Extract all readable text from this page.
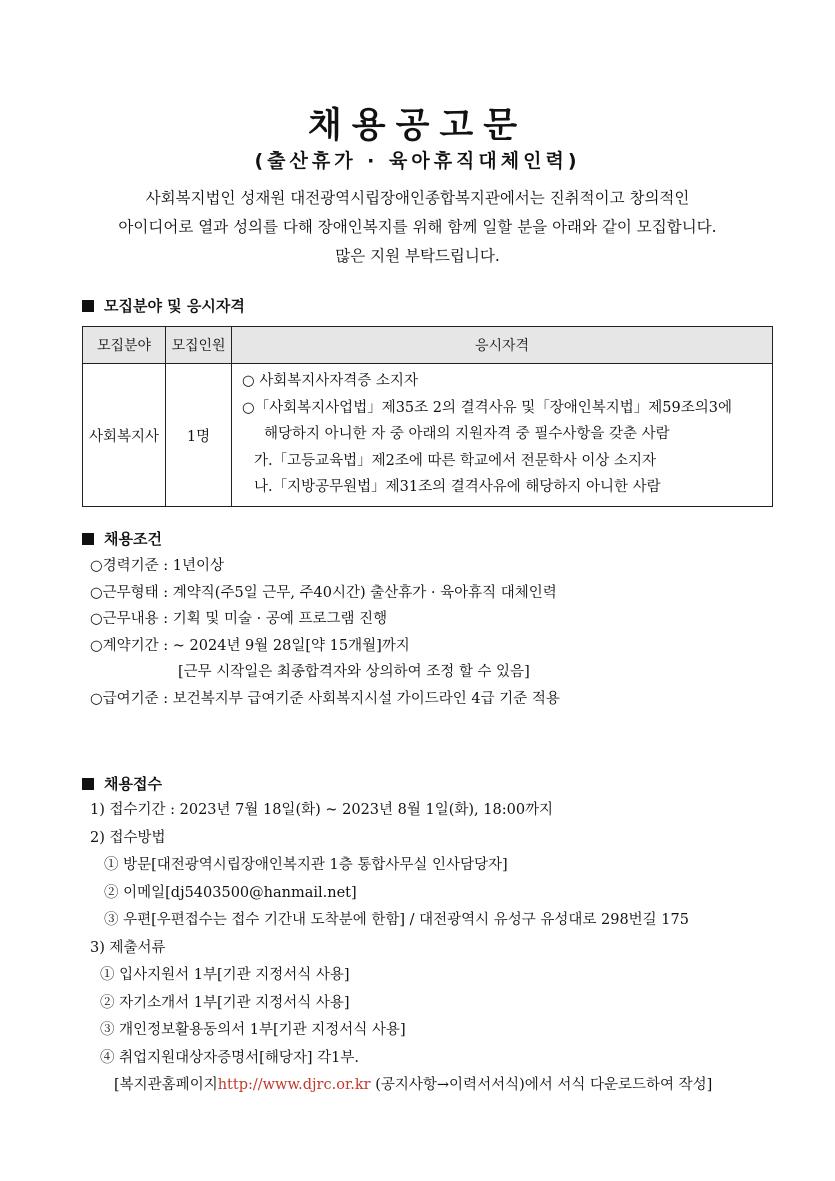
채용공고문
(출산휴가 · 육아휴직대체인력)
사회복지법인 성재원 대전광역시립장애인종합복지관에서는 진취적이고 창의적인
아이디어로 열과 성의를 다해 장애인복지를 위해 함께 일할 분을 아래와 같이 모집합니다.
많은 지원 부탁드립니다.
모집분야 및 응시자격
모집분야	모집인원	응시자격
사회복지사	1명	○ 사회복지사자격증 소지자
○「사회복지사업법」제35조 2의 결격사유 및「장애인복지법」제59조의3에
해당하지 아니한 자 중 아래의 지원자격 중 필수사항을 갖춘 사람
가.「고등교육법」제2조에 따른 학교에서 전문학사 이상 소지자
나.「지방공무원법」제31조의 결격사유에 해당하지 아니한 사람
채용조건
○경력기준 : 1년이상
○근무형태 : 계약직(주5일 근무, 주40시간) 출산휴가 · 육아휴직 대체인력
○근무내용 : 기획 및 미술 · 공예 프로그램 진행
○계약기간 : ~ 2024년 9월 28일[약 15개월]까지
[근무 시작일은 최종합격자와 상의하여 조정 할 수 있음]
○급여기준 : 보건복지부 급여기준 사회복지시설 가이드라인 4급 기준 적용
채용접수
1) 접수기간 : 2023년 7월 18일(화) ~ 2023년 8월 1일(화), 18:00까지
2) 접수방법
① 방문[대전광역시립장애인복지관 1층 통합사무실 인사담당자]
② 이메일[dj5403500@hanmail.net]
③ 우편[우편접수는 접수 기간내 도착분에 한함] / 대전광역시 유성구 유성대로 298번길 175
3) 제출서류
① 입사지원서 1부[기관 지정서식 사용]
② 자기소개서 1부[기관 지정서식 사용]
③ 개인정보활용동의서 1부[기관 지정서식 사용]
④ 취업지원대상자증명서[해당자] 각1부.
[복지관홈페이지http://www.djrc.or.kr (공지사항→이력서서식)에서 서식 다운로드하여 작성]
